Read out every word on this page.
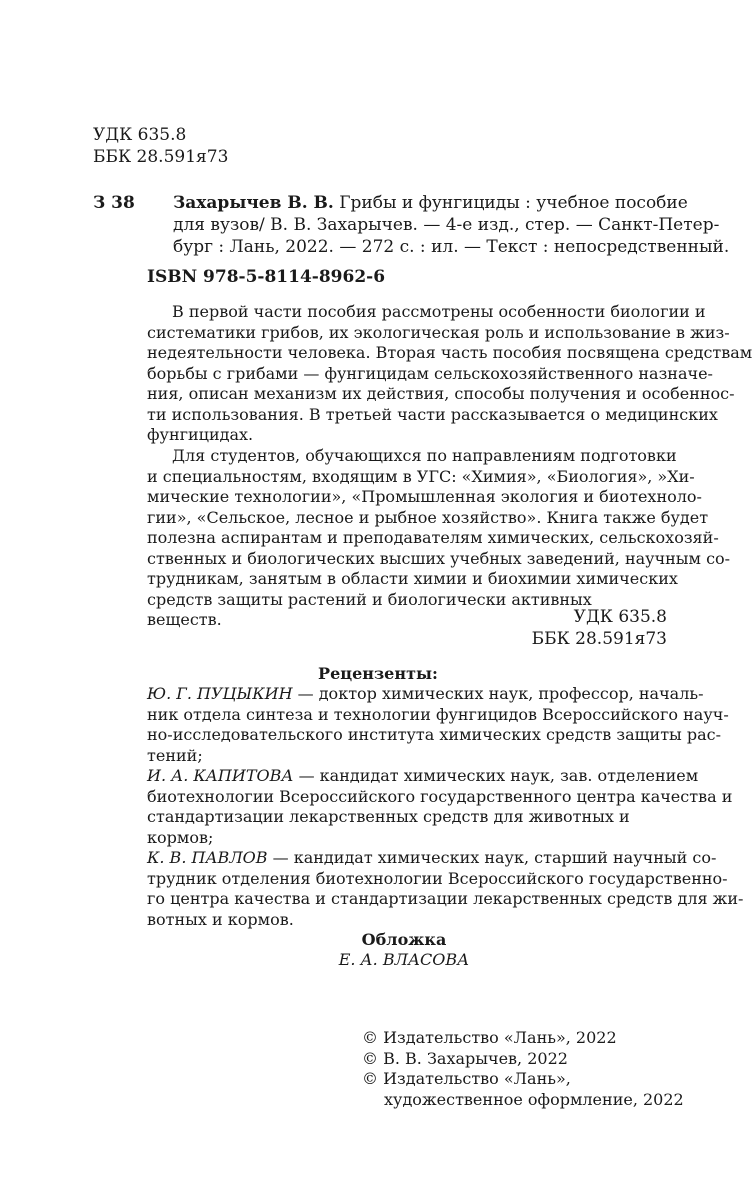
УДК 635.8
ББК 28.591я73
З 38 Захарычев В. В. Грибы и фунгициды : учебное пособие
для вузов/ В. В. Захарычев. — 4-е изд., стер. — Санкт-Петер-
бург : Лань, 2022. — 272 с. : ил. — Текст : непосредственный.
ISBN 978-5-8114-8962-6
В первой части пособия рассмотрены особенности биологии и
систематики грибов, их экологическая роль и использование в жиз-
недеятельности человека. Вторая часть пособия посвящена средствам
борьбы с грибами — фунгицидам сельскохозяйственного назначе-
ния, описан механизм их действия, способы получения и особеннос-
ти использования. В третьей части рассказывается о медицинских
фунгицидах.
Для студентов, обучающихся по направлениям подготовки
и специальностям, входящим в УГС: «Химия», «Биология», »Хи-
мические технологии», «Промышленная экология и биотехноло-
гии», «Сельское, лесное и рыбное хозяйство». Книга также будет
полезна аспирантам и преподавателям химических, сельскохозяй-
ственных и биологических высших учебных заведений, научным со-
трудникам, занятым в области химии и биохимии химических
средств защиты растений и биологически активных веществ.	УДК 635.8
ББК 28.591я73
Рецензенты:
Ю. Г. ПУЦЫКИН — доктор химических наук, профессор, началь-
ник отдела синтеза и технологии фунгицидов Всероссийского науч-
но-исследовательского института химических средств защиты рас-
тений;
И. А. КАПИТОВА — кандидат химических наук, зав. отделением
биотехнологии Всероссийского государственного центра качества и
стандартизации лекарственных средств для животных и кормов;
К. В. ПАВЛОВ — кандидат химических наук, старший научный со-
трудник отделения биотехнологии Всероссийского государственно-
го центра качества и стандартизации лекарственных средств для жи-
вотных и кормов.
Обложка
Е. А. ВЛАСОВА
© Издательство «Лань», 2022
© В. В. Захарычев, 2022
© Издательство «Лань»,
художественное оформление, 2022
